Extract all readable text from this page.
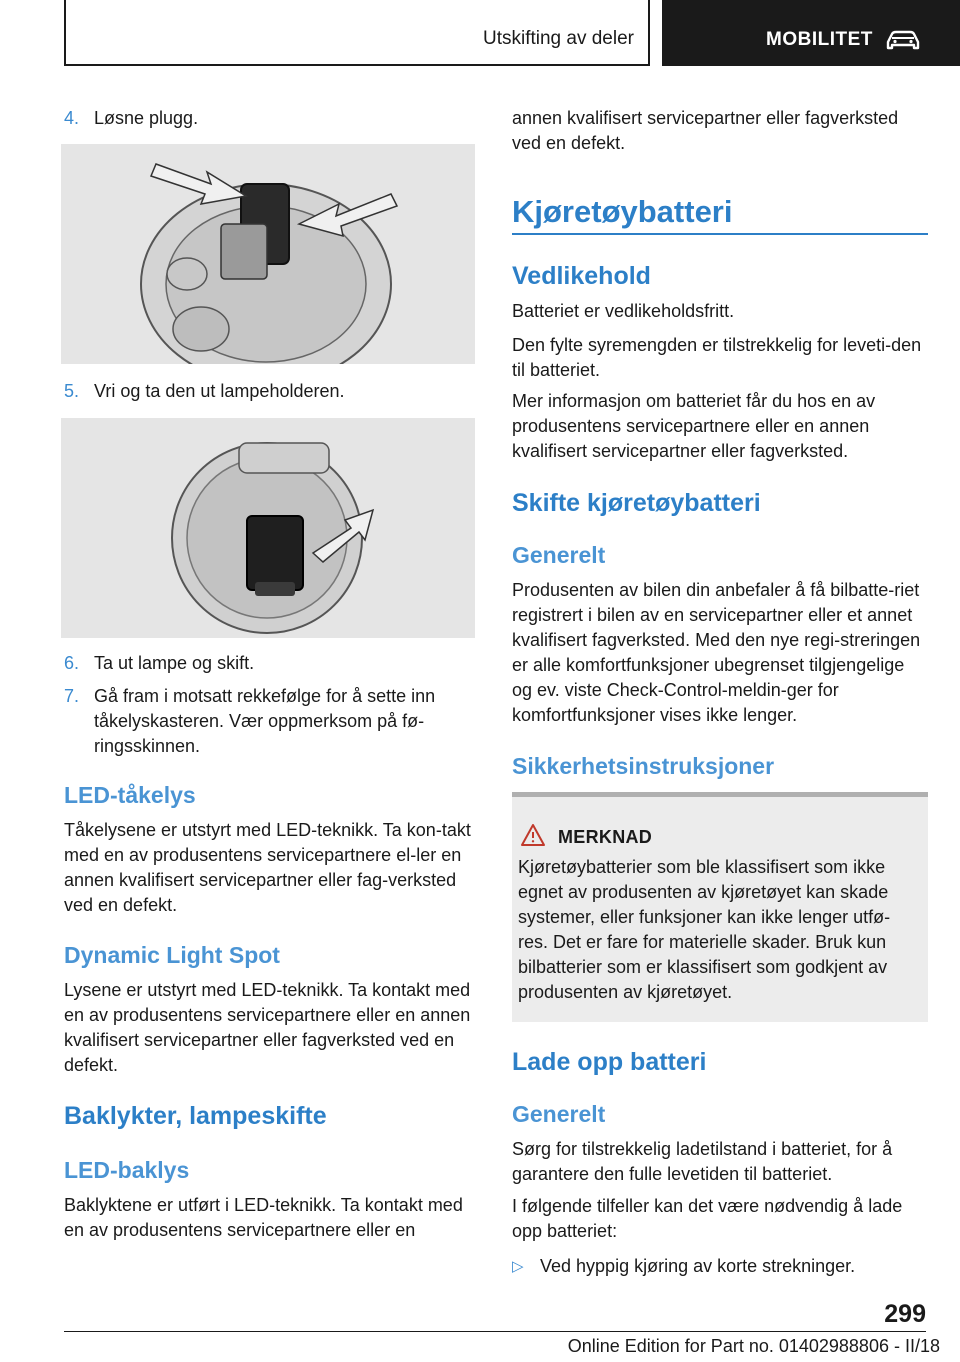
Utskifting av deler	MOBILITET
4. Løsne plugg.
5. Vri og ta den ut lampeholderen.
6. Ta ut lampe og skift.
7. Gå fram i motsatt rekkefølge for å sette inn tåkelyskasteren. Vær oppmerksom på fø-ringsskinnen.
LED-tåkelys
Tåkelysene er utstyrt med LED-teknikk. Ta kon-takt med en av produsentens servicepartnere el-ler en annen kvalifisert servicepartner eller fag-verksted ved en defekt.
Dynamic Light Spot
Lysene er utstyrt med LED-teknikk. Ta kontakt med en av produsentens servicepartnere eller en annen kvalifisert servicepartner eller fagverksted ved en defekt.
Baklykter, lampeskifte
LED-baklys
Baklyktene er utført i LED-teknikk. Ta kontakt med en av produsentens servicepartnere eller en
annen kvalifisert servicepartner eller fagverksted ved en defekt.
Kjøretøybatteri
Vedlikehold
Batteriet er vedlikeholdsfritt.
Den fylte syremengden er tilstrekkelig for leveti-den til batteriet.
Mer informasjon om batteriet får du hos en av produsentens servicepartnere eller en annen kvalifisert servicepartner eller fagverksted.
Skifte kjøretøybatteri
Generelt
Produsenten av bilen din anbefaler å få bilbatte-riet registrert i bilen av en servicepartner eller et annet kvalifisert fagverksted. Med den nye regi-streringen er alle komfortfunksjoner ubegrenset tilgjengelige og ev. viste Check-Control-meldin-ger for komfortfunksjoner vises ikke lenger.
Sikkerhetsinstruksjoner
MERKNAD
Kjøretøybatterier som ble klassifisert som ikke egnet av produsenten av kjøretøyet kan skade systemer, eller funksjoner kan ikke lenger utfø-res. Det er fare for materielle skader. Bruk kun bilbatterier som er klassifisert som godkjent av produsenten av kjøretøyet.
Lade opp batteri
Generelt
Sørg for tilstrekkelig ladetilstand i batteriet, for å garantere den fulle levetiden til batteriet.
I følgende tilfeller kan det være nødvendig å lade opp batteriet:
▷ Ved hyppig kjøring av korte strekninger.
299
Online Edition for Part no. 01402988806 - II/18
